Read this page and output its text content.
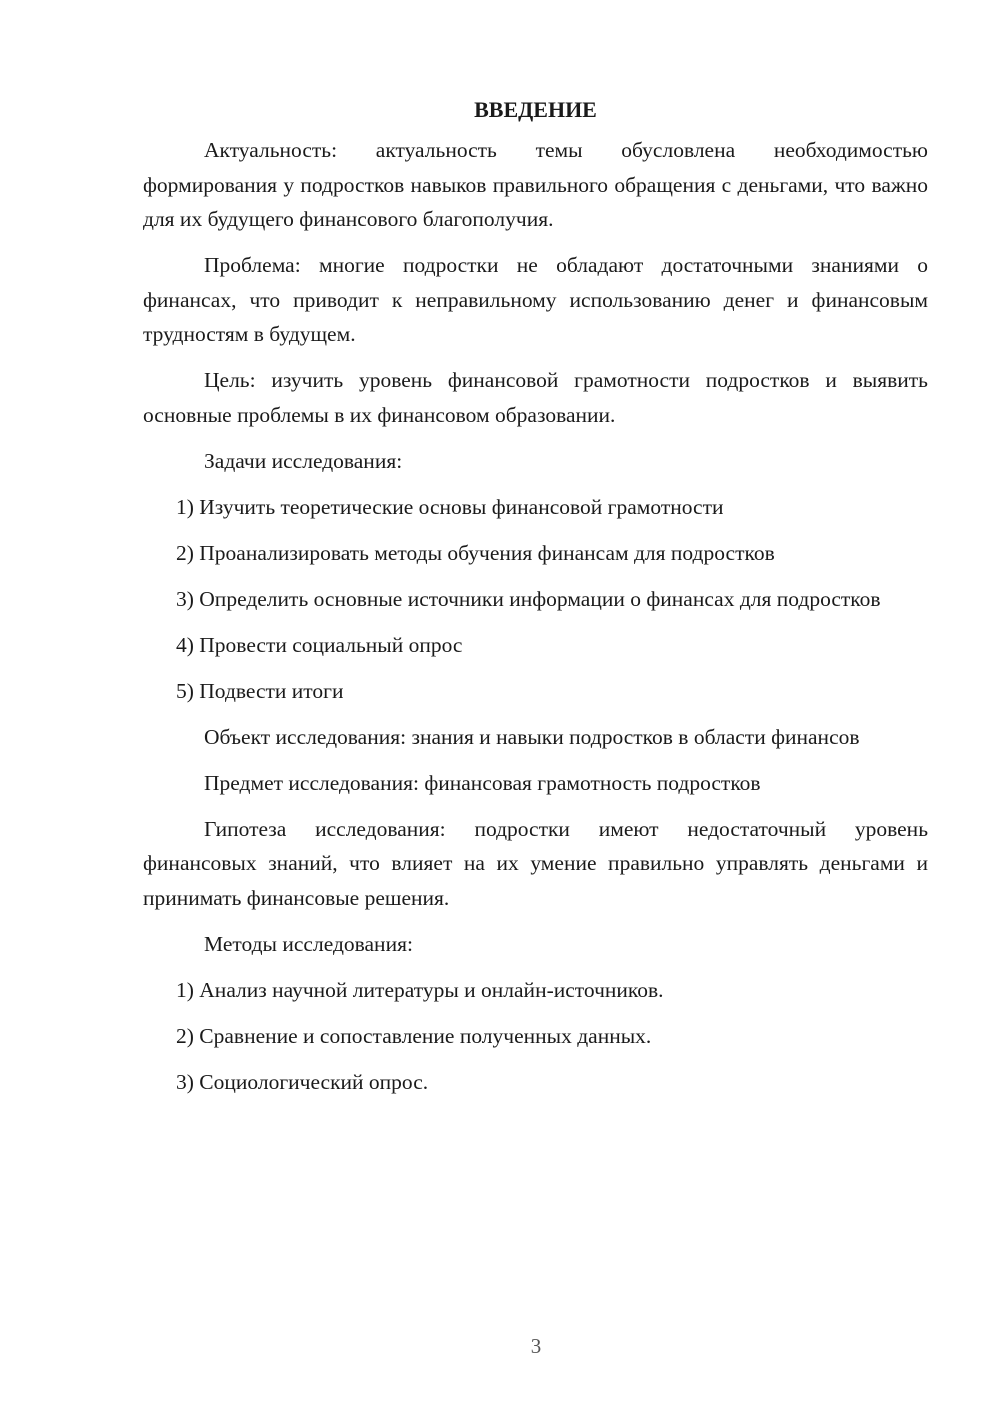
ВВЕДЕНИЕ

Актуальность: актуальность темы обусловлена необходимостью формирования у подростков навыков правильного обращения с деньгами, что важно для их будущего финансового благополучия.

Проблема: многие подростки не обладают достаточными знаниями о финансах, что приводит к неправильному использованию денег и финансовым трудностям в будущем.

Цель: изучить уровень финансовой грамотности подростков и выявить основные проблемы в их финансовом образовании.

Задачи исследования:

1) Изучить теоретические основы финансовой грамотности

2) Проанализировать методы обучения финансам для подростков

3) Определить основные источники информации о финансах для подростков

4) Провести социальный опрос

5) Подвести итоги

Объект исследования: знания и навыки подростков в области финансов

Предмет исследования: финансовая грамотность подростков

Гипотеза исследования: подростки имеют недостаточный уровень финансовых знаний, что влияет на их умение правильно управлять деньгами и принимать финансовые решения.

Методы исследования:

1) Анализ научной литературы и онлайн-источников.

2) Сравнение и сопоставление полученных данных.

3) Социологический опрос.

3
